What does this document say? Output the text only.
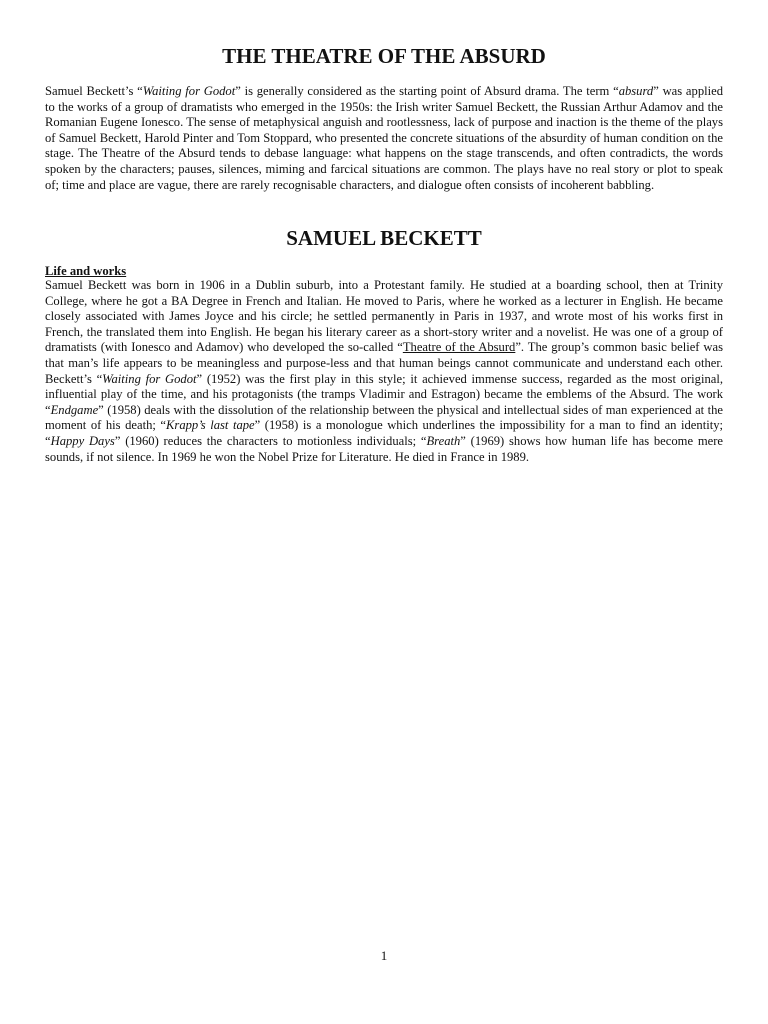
THE THEATRE OF THE ABSURD

Samuel Beckett’s “Waiting for Godot” is generally considered as the starting point of Absurd drama. The term “absurd” was applied to the works of a group of dramatists who emerged in the 1950s: the Irish writer Samuel Beckett, the Russian Arthur Adamov and the Romanian Eugene Ionesco. The sense of metaphysical anguish and rootlessness, lack of purpose and inaction is the theme of the plays of Samuel Beckett, Harold Pinter and Tom Stoppard, who presented the concrete situations of the absurdity of human condition on the stage. The Theatre of the Absurd tends to debase language: what happens on the stage transcends, and often contradicts, the words spoken by the characters; pauses, silences, miming and farcical situations are common. The plays have no real story or plot to speak of; time and place are vague, there are rarely recognisable characters, and dialogue often consists of incoherent babbling.

SAMUEL BECKETT

Life and works

Samuel Beckett was born in 1906 in a Dublin suburb, into a Protestant family. He studied at a boarding school, then at Trinity College, where he got a BA Degree in French and Italian. He moved to Paris, where he worked as a lecturer in English. He became closely associated with James Joyce and his circle; he settled permanently in Paris in 1937, and wrote most of his works first in French, the translated them into English. He began his literary career as a short-story writer and a novelist. He was one of a group of dramatists (with Ionesco and Adamov) who developed the so-called “Theatre of the Absurd”. The group’s common basic belief was that man’s life appears to be meaningless and purpose-less and that human beings cannot communicate and understand each other. Beckett’s “Waiting for Godot” (1952) was the first play in this style; it achieved immense success, regarded as the most original, influential play of the time, and his protagonists (the tramps Vladimir and Estragon) became the emblems of the Absurd. The work “Endgame” (1958) deals with the dissolution of the relationship between the physical and intellectual sides of man experienced at the moment of his death; “Krapp’s last tape” (1958) is a monologue which underlines the impossibility for a man to find an identity; “Happy Days” (1960) reduces the characters to motionless individuals; “Breath” (1969) shows how human life has become mere sounds, if not silence. In 1969 he won the Nobel Prize for Literature. He died in France in 1989.

1
